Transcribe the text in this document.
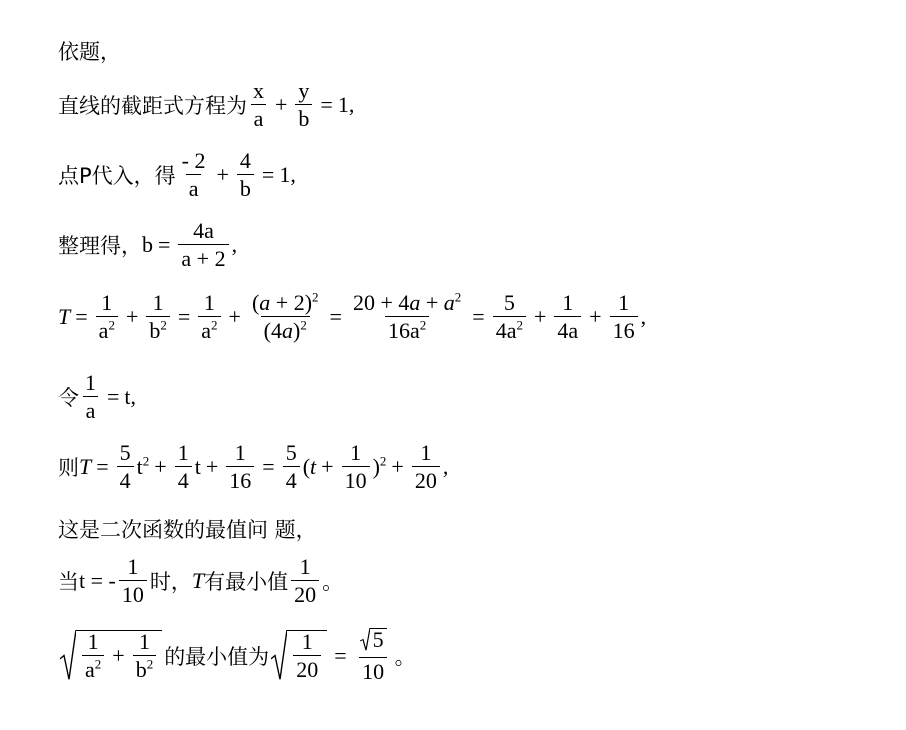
依题，
直线的截距式方程为 $\frac{x}{a} + \frac{y}{b} = 1$,
点P代入，得 $\frac{- 2}{a} + \frac{4}{b} = 1$,
整理得， $b = \frac{4a}{a + 2}$ ,
$T = \frac{1}{a^2} + \frac{1}{b^2} = \frac{1}{a^2} + \frac{(a + 2)^2}{(4a)^2} = \frac{20 + 4a + a^2}{16a^2} = \frac{5}{4a^2} + \frac{1}{4a} + \frac{1}{16}$ ,
令 $\frac{1}{a} = t$,
则 $T = \frac{5}{4} t^2 + \frac{1}{4}$ $t + \frac{1}{16} = \frac{5}{4} (t + \frac{1}{10} )^2 + \frac{1}{20}$ ,
这是二次函数的最值问 题，
当 t = - $\frac{1}{10}$ 时， T 有最小值 $\frac{1}{20}$ 。
$\frac{1}{a^2} + \frac{1}{b^2}$ 的最小值为 $\frac{1}{20} = \frac{5}{10}$ 。
